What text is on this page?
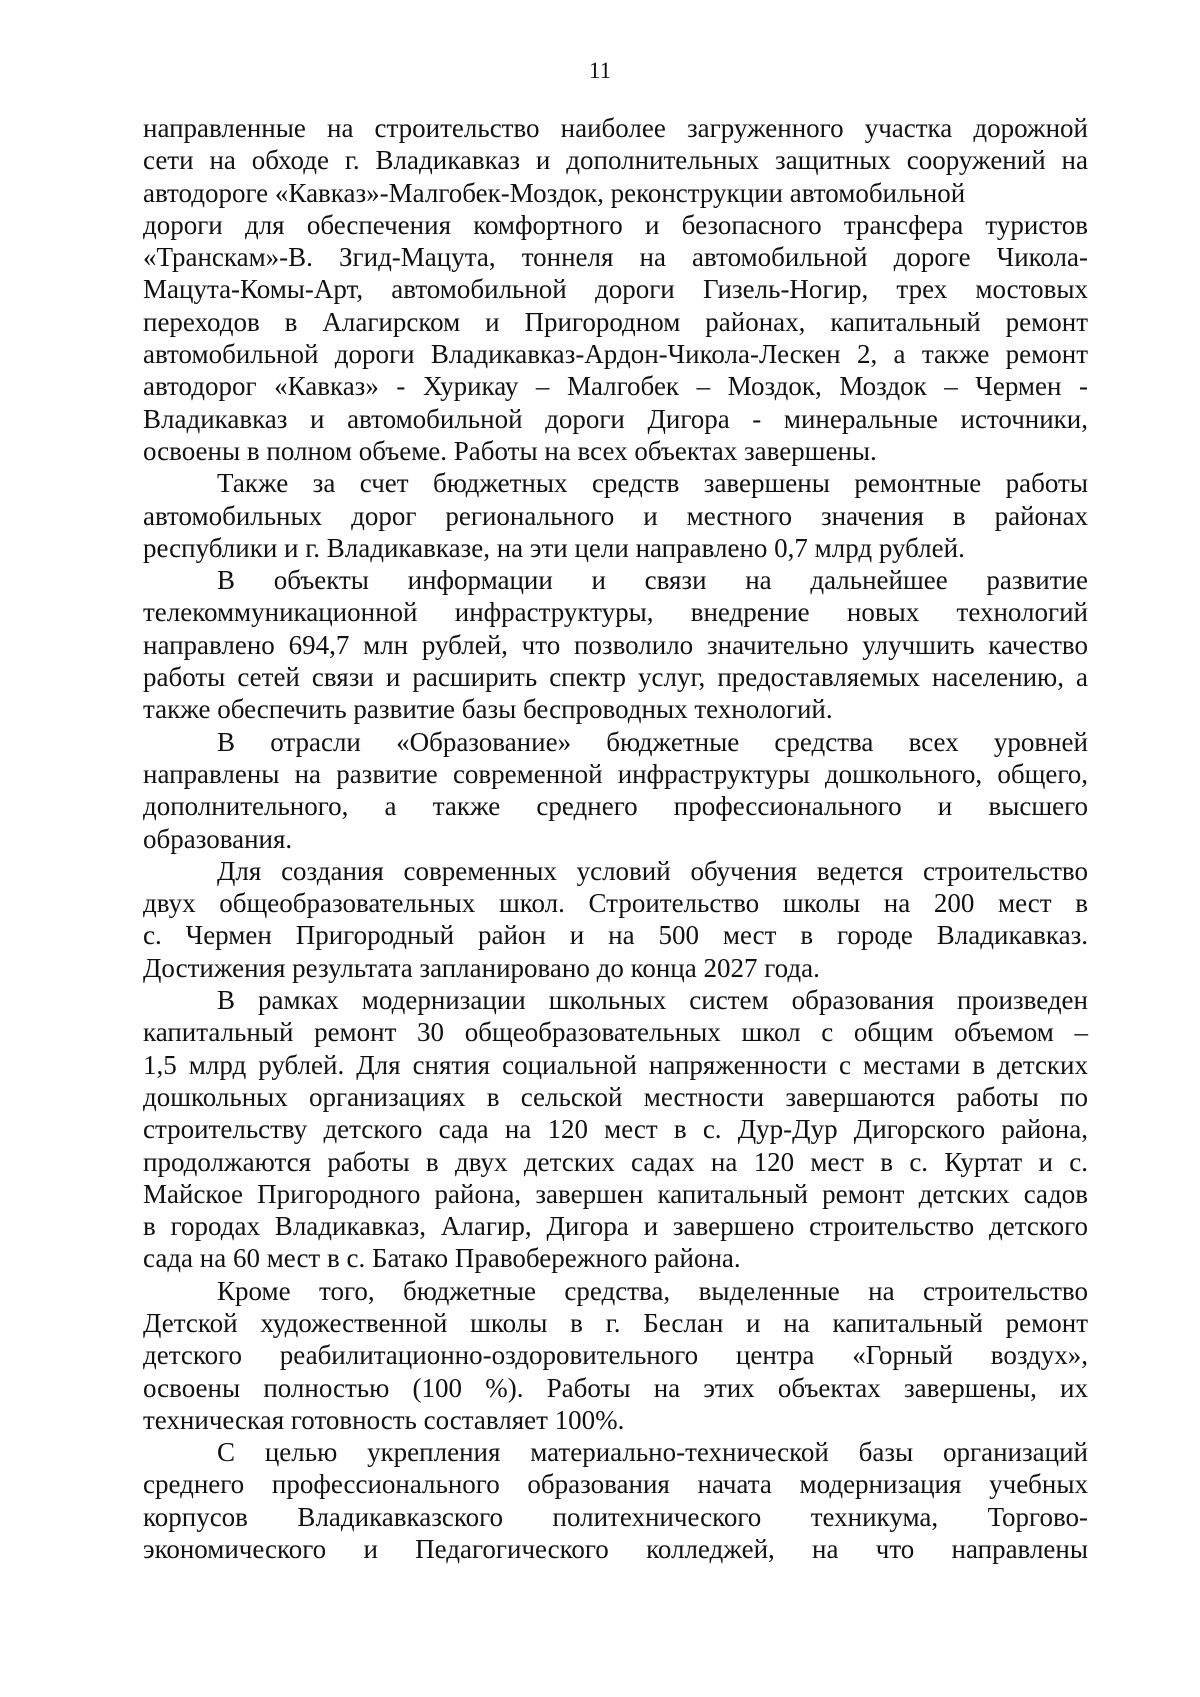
11
направленные на строительство наиболее загруженного участка дорожной
сети на обходе г. Владикавказ и дополнительных защитных сооружений на
автодороге «Кавказ»-Малгобек-Моздок, реконструкции автомобильной
дороги для обеспечения комфортного и безопасного трансфера туристов
«Транскам»-В. Згид-Мацута, тоннеля на автомобильной дороге Чикола-
Мацута-Комы-Арт, автомобильной дороги Гизель-Ногир, трех мостовых
переходов в Алагирском и Пригородном районах, капитальный ремонт
автомобильной дороги Владикавказ-Ардон-Чикола-Лескен 2, а также ремонт
автодорог «Кавказ» - Хурикау – Малгобек – Моздок, Моздок – Чермен -
Владикавказ и автомобильной дороги Дигора - минеральные источники,
освоены в полном объеме. Работы на всех объектах завершены.
Также за счет бюджетных средств завершены ремонтные работы
автомобильных дорог регионального и местного значения в районах
республики и г. Владикавказе, на эти цели направлено 0,7 млрд рублей.
В объекты информации и связи на дальнейшее развитие
телекоммуникационной инфраструктуры, внедрение новых технологий
направлено 694,7 млн рублей, что позволило значительно улучшить качество
работы сетей связи и расширить спектр услуг, предоставляемых населению, а
также обеспечить развитие базы беспроводных технологий.
В отрасли «Образование» бюджетные средства всех уровней
направлены на развитие современной инфраструктуры дошкольного, общего,
дополнительного, а также среднего профессионального и высшего
образования.
Для создания современных условий обучения ведется строительство
двух общеобразовательных школ. Строительство школы на 200 мест в
с. Чермен Пригородный район и на 500 мест в городе Владикавказ.
Достижения результата запланировано до конца 2027 года.
В рамках модернизации школьных систем образования произведен
капитальный ремонт 30 общеобразовательных школ с общим объемом –
1,5 млрд рублей. Для снятия социальной напряженности с местами в детских
дошкольных организациях в сельской местности завершаются работы по
строительству детского сада на 120 мест в с. Дур-Дур Дигорского района,
продолжаются работы в двух детских садах на 120 мест в с. Куртат и с.
Майское Пригородного района, завершен капитальный ремонт детских садов
в городах Владикавказ, Алагир, Дигора и завершено строительство детского
сада на 60 мест в с. Батако Правобережного района.
Кроме того, бюджетные средства, выделенные на строительство
Детской художественной школы в г. Беслан и на капитальный ремонт
детского реабилитационно-оздоровительного центра «Горный воздух»,
освоены полностью (100 %). Работы на этих объектах завершены, их
техническая готовность составляет 100%.
С целью укрепления материально-технической базы организаций
среднего профессионального образования начата модернизация учебных
корпусов Владикавказского политехнического техникума, Торгово-
экономического и Педагогического колледжей, на что направлены
